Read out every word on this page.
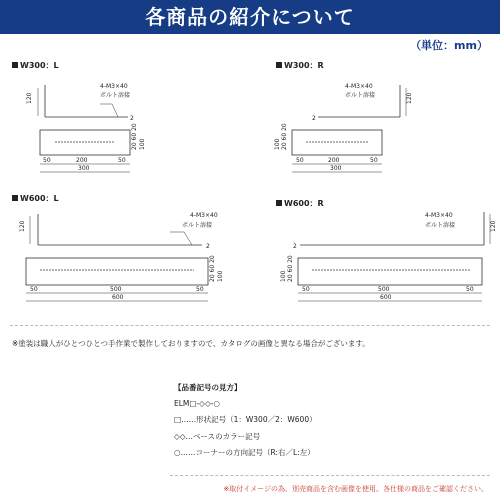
各商品の紹介について
（単位：mm）
W300：L	W300：R
W600：L
W600：R
120
4-M3×40
ボルト溶接
2
50	200	50
300
20 60 20 100
120
4-M3×40
ボルト溶接
2
50	200	50
300
20 60 20
100
120
4-M3×40
ボルト溶接
2
50	500	50
600
20 60 20 100
120
4-M3×40
ボルト溶接
2
50	500	50
600
20 60 20
100
※塗装は職人がひとつひとつ手作業で製作しておりますので、カタログの画像と異なる場合がございます。
【品番記号の見方】
ELM□-◇◇-○
□……形状記号（1：W300／2：W600）
◇◇…ベースのカラー記号
○……コーナーの方向記号（R:右／L:左）
※取付イメージの為、別売商品を含む画像を使用。各仕様の商品をご確認ください。
